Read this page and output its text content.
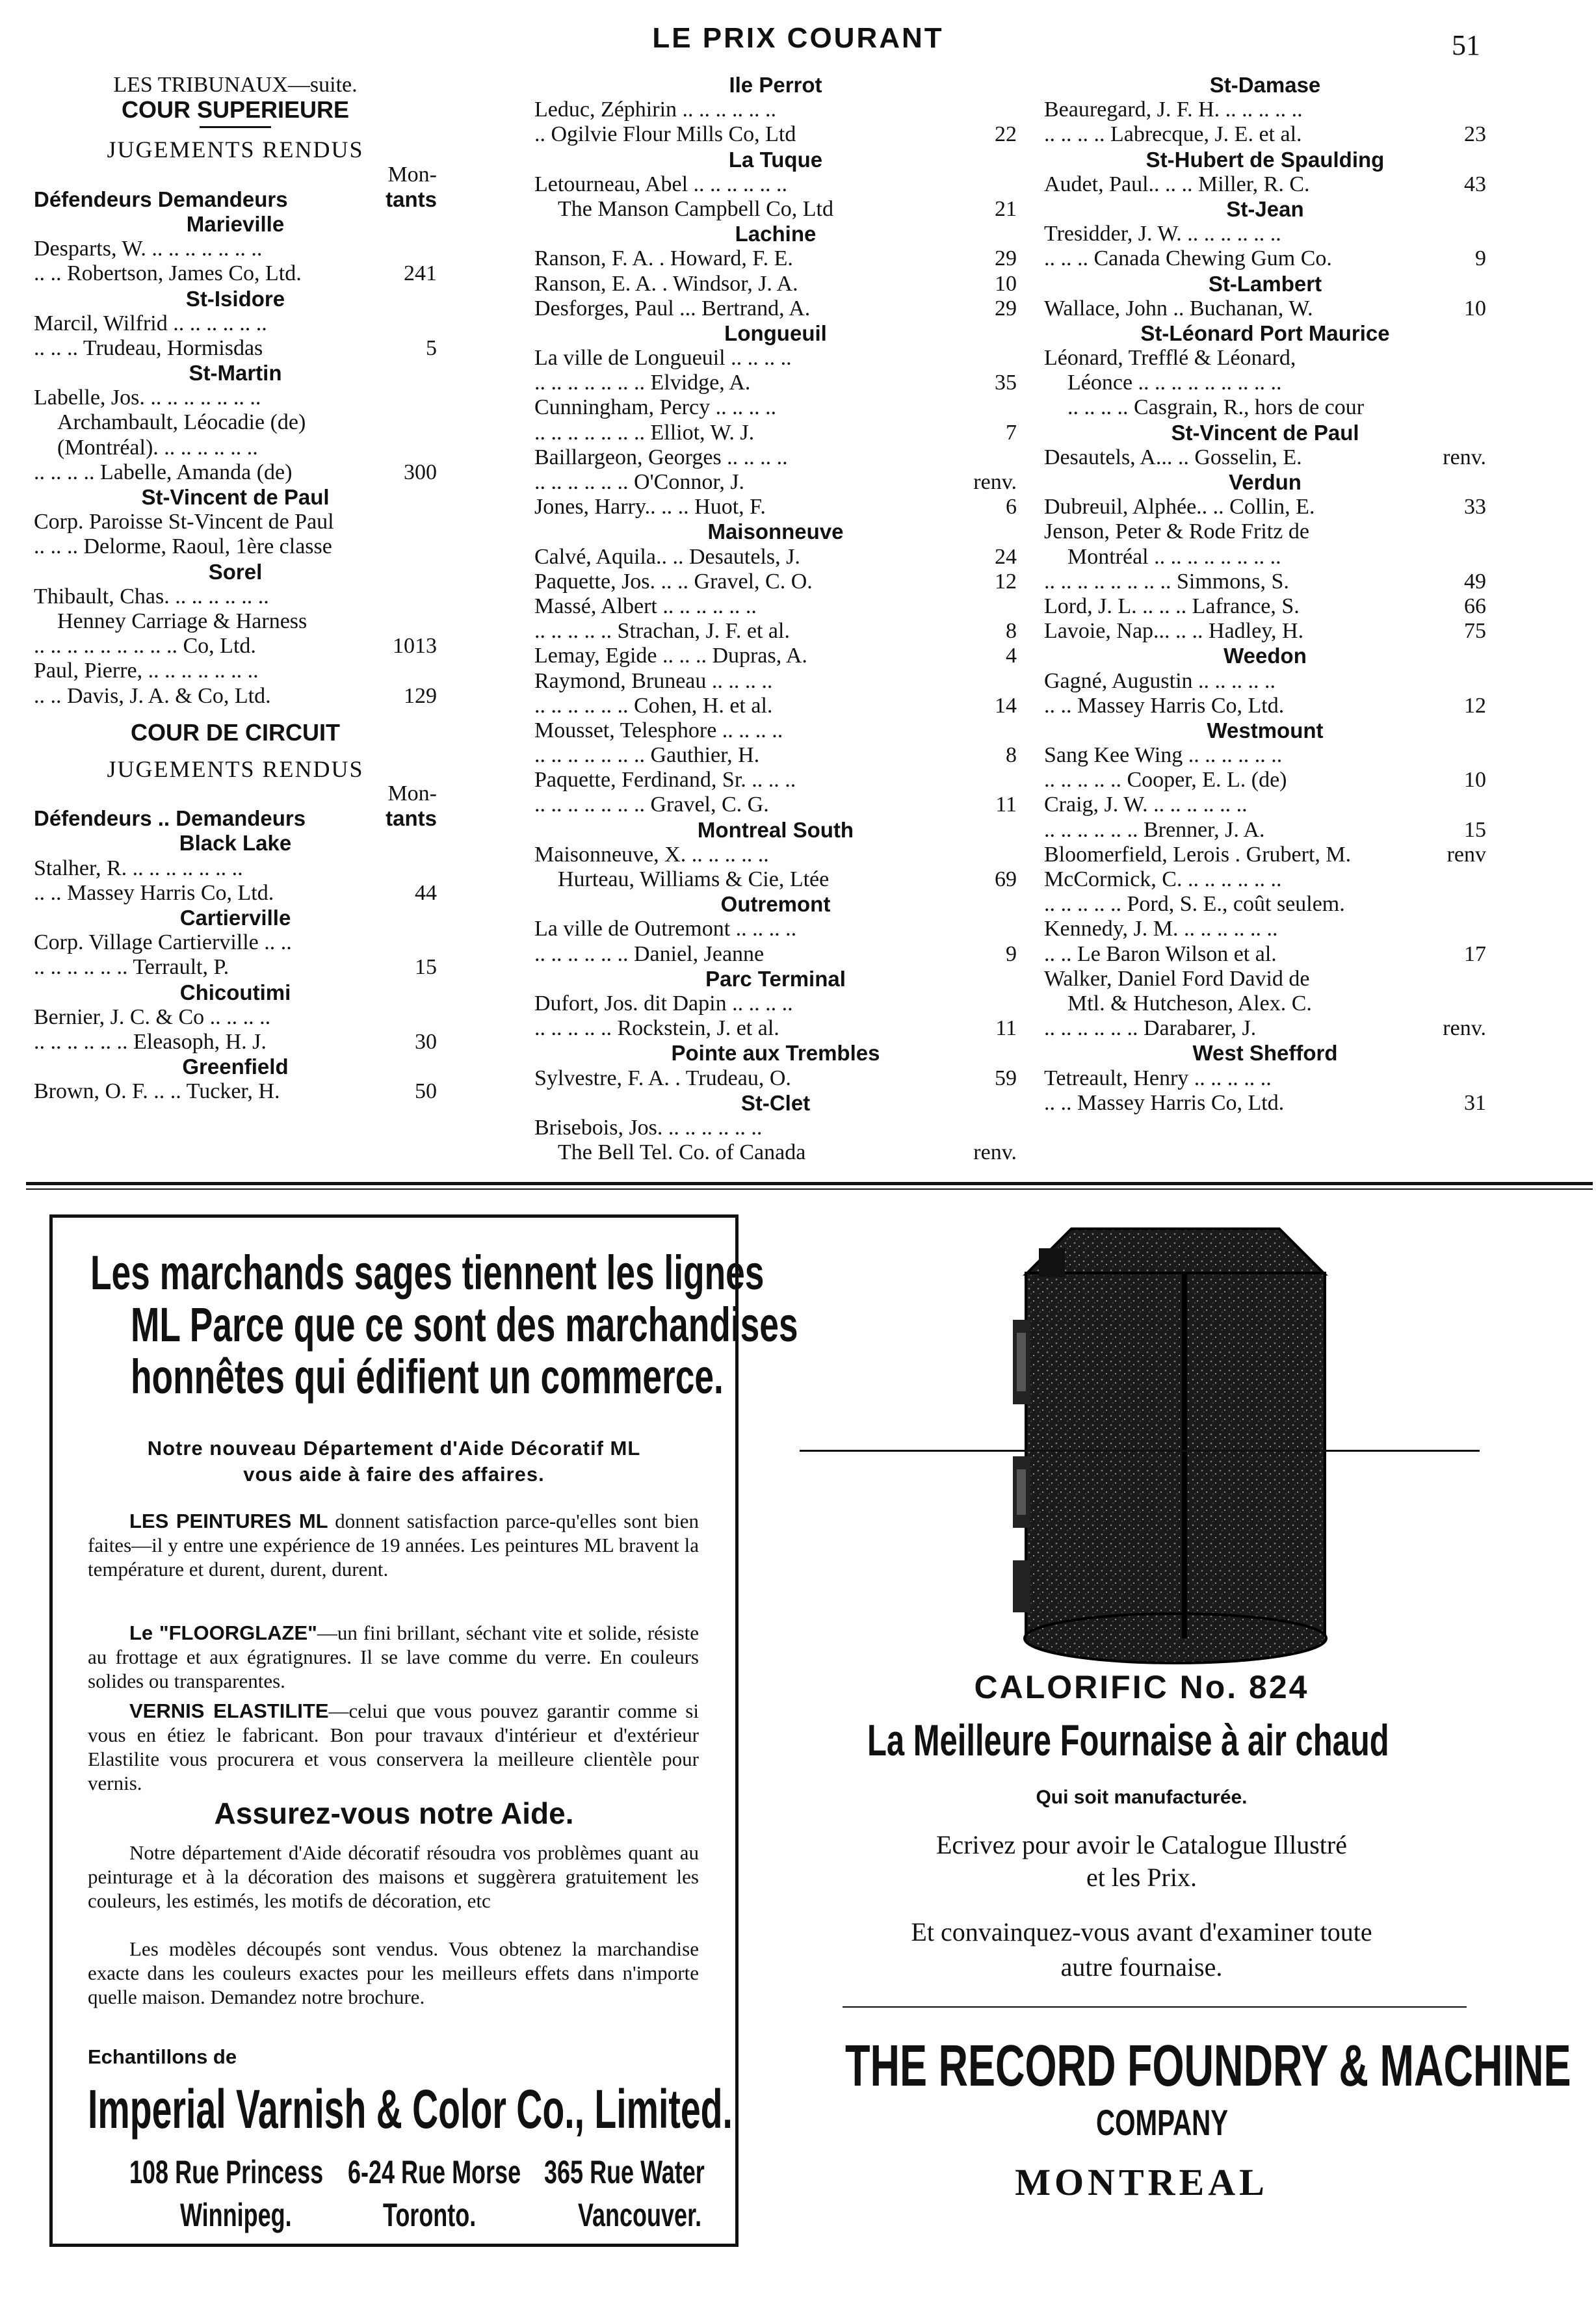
LE PRIX COURANT	51
LES TRIBUNAUX—suite.
COUR SUPERIEURE
JUGEMENTS RENDUS
Mon-
Défendeurs Demandeurs	tants
Marieville
Desparts, W. .. .. .. .. .. .. ..
.. .. Robertson, James Co, Ltd.	241
St-Isidore
Marcil, Wilfrid .. .. .. .. .. ..
.. .. .. Trudeau, Hormisdas	5
St-Martin
Labelle, Jos. .. .. .. .. .. .. ..
Archambault, Léocadie (de)
(Montréal). .. .. .. .. .. ..
.. .. .. .. Labelle, Amanda (de)	300
St-Vincent de Paul
Corp. Paroisse St-Vincent de Paul
.. .. .. Delorme, Raoul, 1ère classe
Sorel
Thibault, Chas. .. .. .. .. .. ..
Henney Carriage & Harness
.. .. .. .. .. .. .. .. .. Co, Ltd.	1013
Paul, Pierre, .. .. .. .. .. .. ..
.. .. Davis, J. A. & Co, Ltd.	129
COUR DE CIRCUIT
JUGEMENTS RENDUS
Mon-
Défendeurs .. Demandeurs	tants
Black Lake
Stalher, R. .. .. .. .. .. .. ..
.. .. Massey Harris Co, Ltd.	44
Cartierville
Corp. Village Cartierville .. ..
.. .. .. .. .. .. Terrault, P.	15
Chicoutimi
Bernier, J. C. & Co .. .. .. ..
.. .. .. .. .. .. Eleasoph, H. J.	30
Greenfield
Brown, O. F. .. .. Tucker, H.	50
Ile Perrot
Leduc, Zéphirin .. .. .. .. .. ..
.. Ogilvie Flour Mills Co, Ltd	22
La Tuque
Letourneau, Abel .. .. .. .. .. ..
The Manson Campbell Co, Ltd	21
Lachine
Ranson, F. A. . Howard, F. E.	29
Ranson, E. A. . Windsor, J. A.	10
Desforges, Paul ... Bertrand, A.	29
Longueuil
La ville de Longueuil .. .. .. ..
.. .. .. .. .. .. .. Elvidge, A.	35
Cunningham, Percy .. .. .. ..
.. .. .. .. .. .. .. Elliot, W. J.	7
Baillargeon, Georges .. .. .. ..
.. .. .. .. .. .. O'Connor, J.	renv.
Jones, Harry.. .. .. Huot, F.	6
Maisonneuve
Calvé, Aquila.. .. Desautels, J.	24
Paquette, Jos. .. .. Gravel, C. O.	12
Massé, Albert .. .. .. .. .. ..
.. .. .. .. .. Strachan, J. F. et al.	8
Lemay, Egide .. .. .. Dupras, A.	4
Raymond, Bruneau .. .. .. ..
.. .. .. .. .. .. Cohen, H. et al.	14
Mousset, Telesphore .. .. .. ..
.. .. .. .. .. .. .. Gauthier, H.	8
Paquette, Ferdinand, Sr. .. .. ..
.. .. .. .. .. .. .. Gravel, C. G.	11
Montreal South
Maisonneuve, X. .. .. .. .. ..
Hurteau, Williams & Cie, Ltée	69
Outremont
La ville de Outremont .. .. .. ..
.. .. .. .. .. .. Daniel, Jeanne	9
Parc Terminal
Dufort, Jos. dit Dapin .. .. .. ..
.. .. .. .. .. Rockstein, J. et al.	11
Pointe aux Trembles
Sylvestre, F. A. . Trudeau, O.	59
St-Clet
Brisebois, Jos. .. .. .. .. .. ..
The Bell Tel. Co. of Canada	renv.
St-Damase
Beauregard, J. F. H. .. .. .. .. ..
.. .. .. .. Labrecque, J. E. et al.	23
St-Hubert de Spaulding
Audet, Paul.. .. .. Miller, R. C.	43
St-Jean
Tresidder, J. W. .. .. .. .. .. ..
.. .. .. Canada Chewing Gum Co.	9
St-Lambert
Wallace, John .. Buchanan, W.	10
St-Léonard Port Maurice
Léonard, Trefflé & Léonard,
Léonce .. .. .. .. .. .. .. .. ..
.. .. .. .. Casgrain, R., hors de cour
St-Vincent de Paul
Desautels, A... .. Gosselin, E.	renv.
Verdun
Dubreuil, Alphée.. .. Collin, E.	33
Jenson, Peter & Rode Fritz de
Montréal .. .. .. .. .. .. .. ..
.. .. .. .. .. .. .. .. Simmons, S.	49
Lord, J. L. .. .. .. Lafrance, S.	66
Lavoie, Nap... .. .. Hadley, H.	75
Weedon
Gagné, Augustin .. .. .. .. ..
.. .. Massey Harris Co, Ltd.	12
Westmount
Sang Kee Wing .. .. .. .. .. ..
.. .. .. .. .. Cooper, E. L. (de)	10
Craig, J. W. .. .. .. .. .. ..
.. .. .. .. .. .. Brenner, J. A.	15
Bloomerfield, Lerois . Grubert, M.	renv
McCormick, C. .. .. .. .. .. ..
.. .. .. .. .. Pord, S. E., coût seulem.
Kennedy, J. M. .. .. .. .. .. ..
.. .. Le Baron Wilson et al.	17
Walker, Daniel Ford David de
Mtl. & Hutcheson, Alex. C.
.. .. .. .. .. .. Darabarer, J.	renv.
West Shefford
Tetreault, Henry .. .. .. .. ..
.. .. Massey Harris Co, Ltd.	31
Les marchands sages tiennent les lignes
ML Parce que ce sont des marchandises
honnêtes qui édifient un commerce.
Notre nouveau Département d'Aide Décoratif ML
vous aide à faire des affaires.
LES PEINTURES ML donnent satisfaction parce-qu'elles sont bien faites—il y entre une expérience de 19 années. Les peintures ML bravent la température et durent, durent, durent.
Le "FLOORGLAZE"—un fini brillant, séchant vite et solide, résiste au frottage et aux égratignures. Il se lave comme du verre. En couleurs solides ou transparentes.
VERNIS ELASTILITE—celui que vous pouvez garantir comme si vous en étiez le fabricant. Bon pour travaux d'intérieur et d'extérieur Elastilite vous procurera et vous conservera la meilleure clientèle pour vernis.
Assurez-vous notre Aide.
Notre département d'Aide décoratif résoudra vos problèmes quant au peinturage et à la décoration des maisons et suggèrera gratuitement les couleurs, les estimés, les motifs de décoration, etc
Les modèles découpés sont vendus. Vous obtenez la marchandise exacte dans les couleurs exactes pour les meilleurs effets dans n'importe quelle maison. Demandez notre brochure.
Echantillons de
Imperial Varnish & Color Co., Limited.
108 Rue Princess 6-24 Rue Morse 365 Rue Water
Winnipeg.	Toronto.	Vancouver.
CALORIFIC No. 824
La Meilleure Fournaise à air chaud
Qui soit manufacturée.
Ecrivez pour avoir le Catalogue Illustré
et les Prix.
Et convainquez-vous avant d'examiner toute
autre fournaise.
THE RECORD FOUNDRY & MACHINE
COMPANY
MONTREAL
